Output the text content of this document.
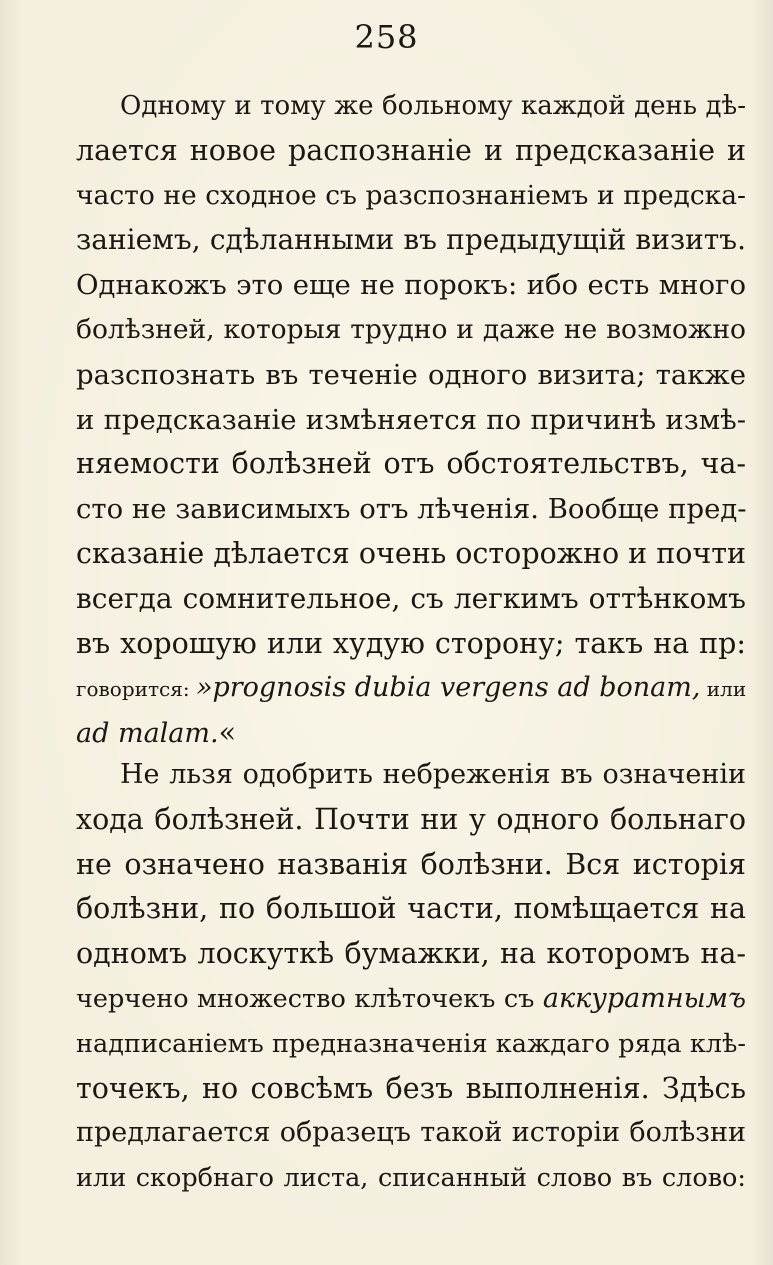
258
Одному и тому же больному каждой день дѣ-
лается новое распознаніе и предсказаніе и
часто не сходное съ разспознаніемъ и предска-
заніемъ, сдѣланными въ предыдущій визитъ.
Однакожъ это еще не порокъ: ибо есть много
болѣзней, которыя трудно и даже не возможно
разспознать въ теченіе одного визита; также
и предсказаніе измѣняется по причинѣ измѣ-
няемости болѣзней отъ обстоятельствъ, ча-
сто не зависимыхъ отъ лѣченія. Вообще пред-
сказаніе дѣлается очень осторожно и почти
всегда сомнительное, съ легкимъ оттѣнкомъ
въ хорошую или худую сторону; такъ на пр:
говорится: »prognosis dubia vergens ad bonam, или
ad malam.«
Не льзя одобрить небреженія въ означеніи
хода болѣзней. Почти ни у одного больнаго
не означено названія болѣзни. Вся исторія
болѣзни, по большой части, помѣщается на
одномъ лоскуткѣ бумажки, на которомъ на-
черчено множество клѣточекъ съ аккуратнымъ
надписаніемъ предназначенія каждаго ряда клѣ-
точекъ, но совсѣмъ безъ выполненія. Здѣсь
предлагается образецъ такой исторіи болѣзни
или скорбнаго листа, списанный слово въ слово:
